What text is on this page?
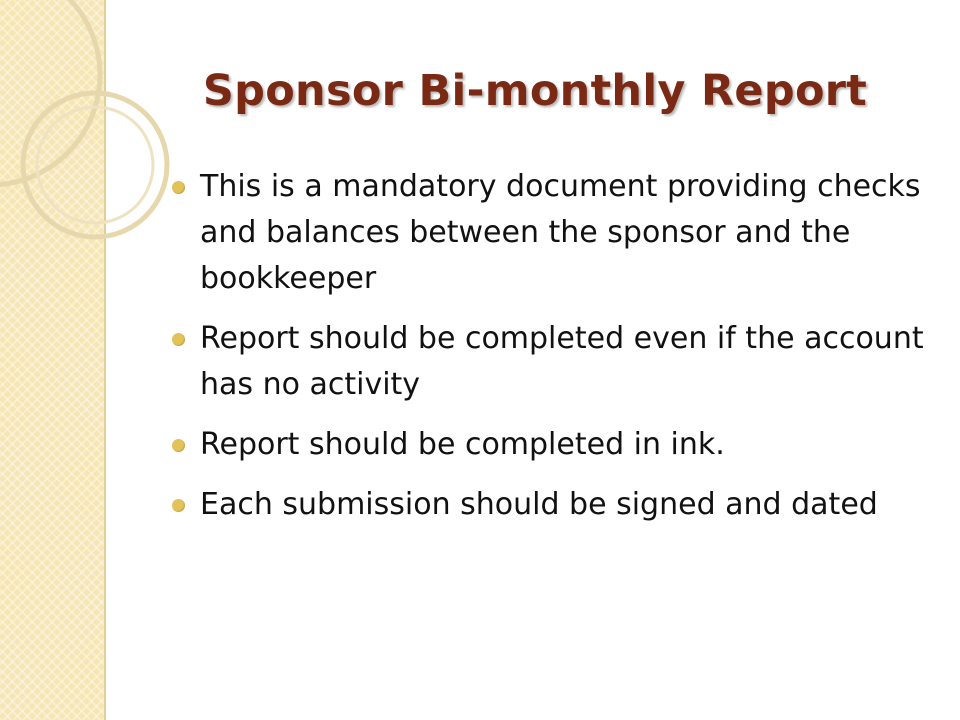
Sponsor Bi-monthly Report
This is a mandatory document providing checks and balances between the sponsor and the bookkeeper
Report should be completed even if the account has no activity
Report should be completed in ink.
Each submission should be signed and dated
